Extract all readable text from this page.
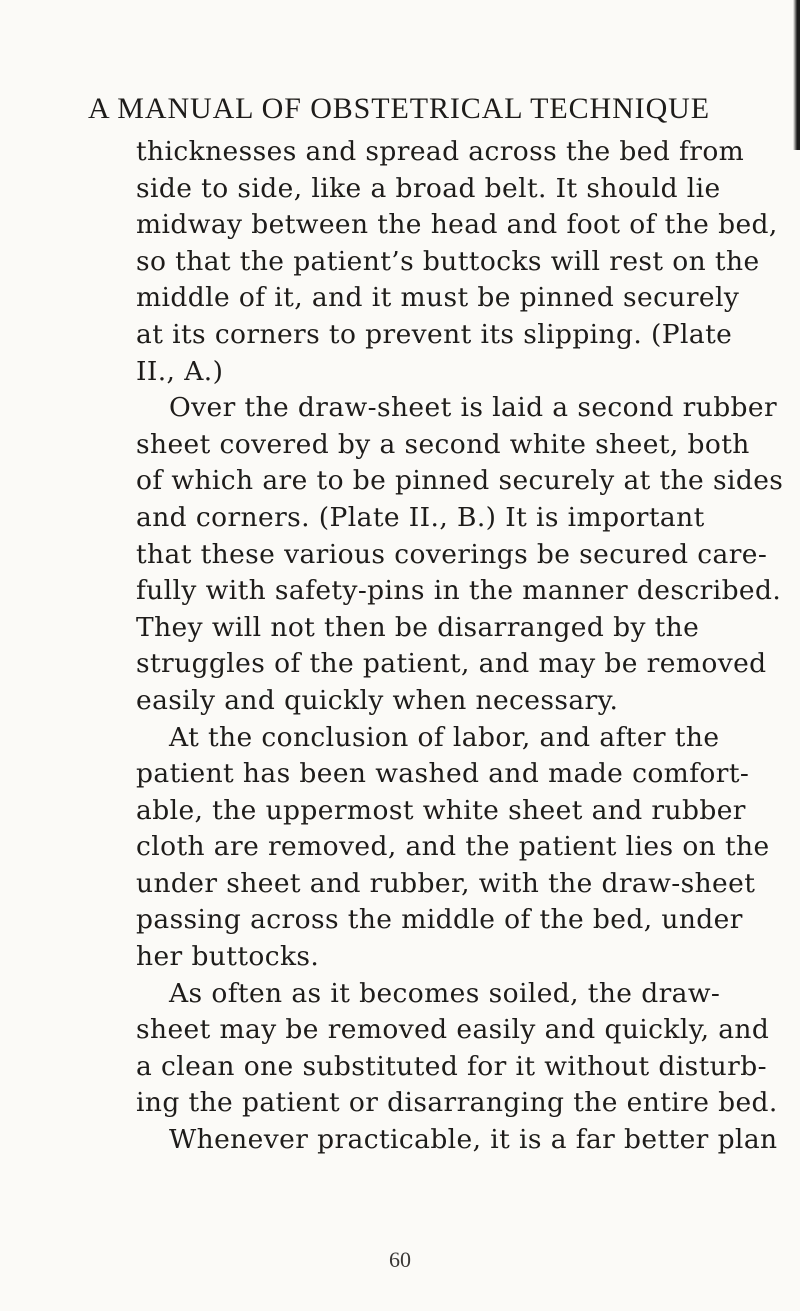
A MANUAL OF OBSTETRICAL TECHNIQUE
thicknesses and spread across the bed from
side to side, like a broad belt. It should lie
midway between the head and foot of the bed,
so that the patient’s buttocks will rest on the
middle of it, and it must be pinned securely
at its corners to prevent its slipping. (Plate
II., A.)
Over the draw-sheet is laid a second rubber
sheet covered by a second white sheet, both
of which are to be pinned securely at the sides
and corners. (Plate II., B.) It is important
that these various coverings be secured care-
fully with safety-pins in the manner described.
They will not then be disarranged by the
struggles of the patient, and may be removed
easily and quickly when necessary.
At the conclusion of labor, and after the
patient has been washed and made comfort-
able, the uppermost white sheet and rubber
cloth are removed, and the patient lies on the
under sheet and rubber, with the draw-sheet
passing across the middle of the bed, under
her buttocks.
As often as it becomes soiled, the draw-
sheet may be removed easily and quickly, and
a clean one substituted for it without disturb-
ing the patient or disarranging the entire bed.
Whenever practicable, it is a far better plan
60
